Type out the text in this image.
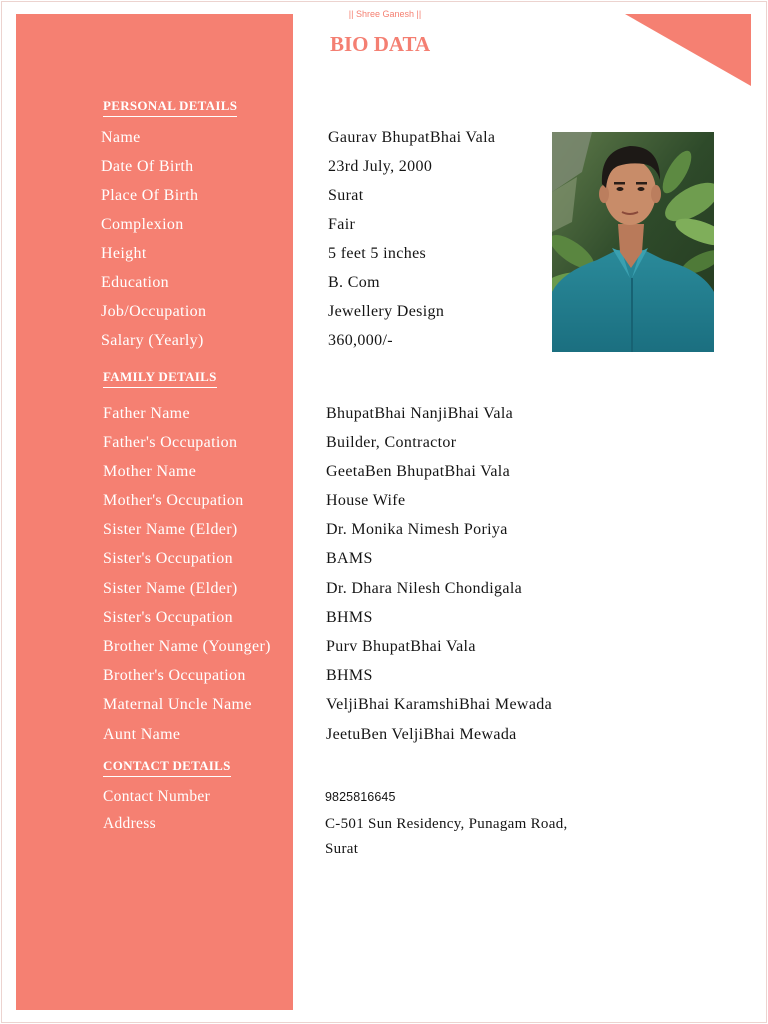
|| Shree Ganesh ||
BIO DATA
PERSONAL DETAILS
Name	Gaurav BhupatBhai Vala
Date Of Birth	23rd July, 2000
Place Of Birth	Surat
Complexion	Fair
Height	5 feet 5 inches
Education	B. Com
Job/Occupation	Jewellery Design
Salary (Yearly)	360,000/-
FAMILY DETAILS
Father Name	BhupatBhai NanjiBhai Vala
Father's Occupation	Builder, Contractor
Mother Name	GeetaBen BhupatBhai Vala
Mother's Occupation	House Wife
Sister Name (Elder)	Dr. Monika Nimesh Poriya
Sister's Occupation	BAMS
Sister Name (Elder)	Dr. Dhara Nilesh Chondigala
Sister's Occupation	BHMS
Brother Name (Younger)	Purv BhupatBhai Vala
Brother's Occupation	BHMS
Maternal Uncle Name	VeljiBhai KaramshiBhai Mewada
Aunt Name	JeetuBen VeljiBhai Mewada
CONTACT DETAILS
Contact Number	9825816645
Address	C-501 Sun Residency, Punagam Road,
Surat
